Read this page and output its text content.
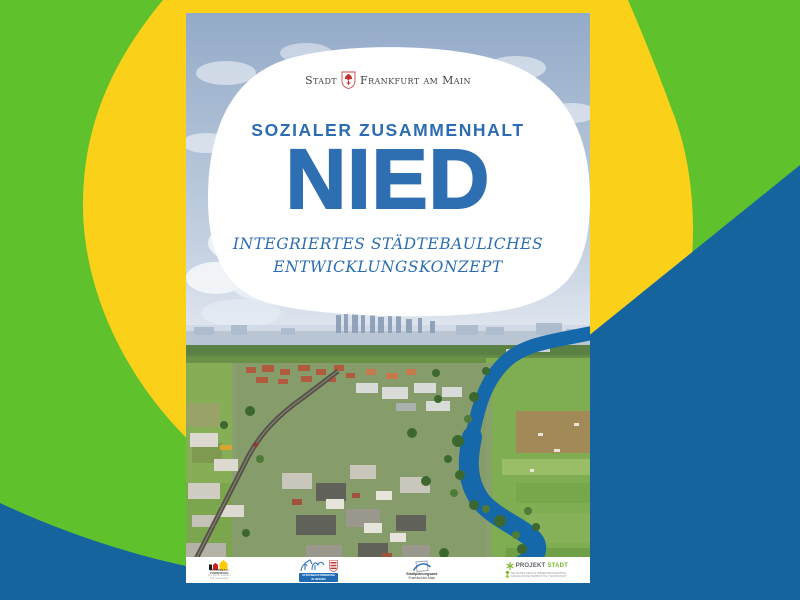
Stadt Frankfurt am Main
SOZIALER ZUSAMMENHALT
NIED
INTEGRIERTES STÄDTEBAULICHES
ENTWICKLUNGSKONZEPT
STÄDTEBAU-
FÖRDERUNG
von Bund, Ländern
und Gemeinden
STÄDTEBAUFÖRDERUNG
IN HESSEN
Stadtplanungsamt
Frankfurt am Main
PROJEKT STADT
DIE MARKE DER UNTERNEHMENSGRUPPE
NASSAUISCHE HEIMSTÄTTE | WOHNSTADT
